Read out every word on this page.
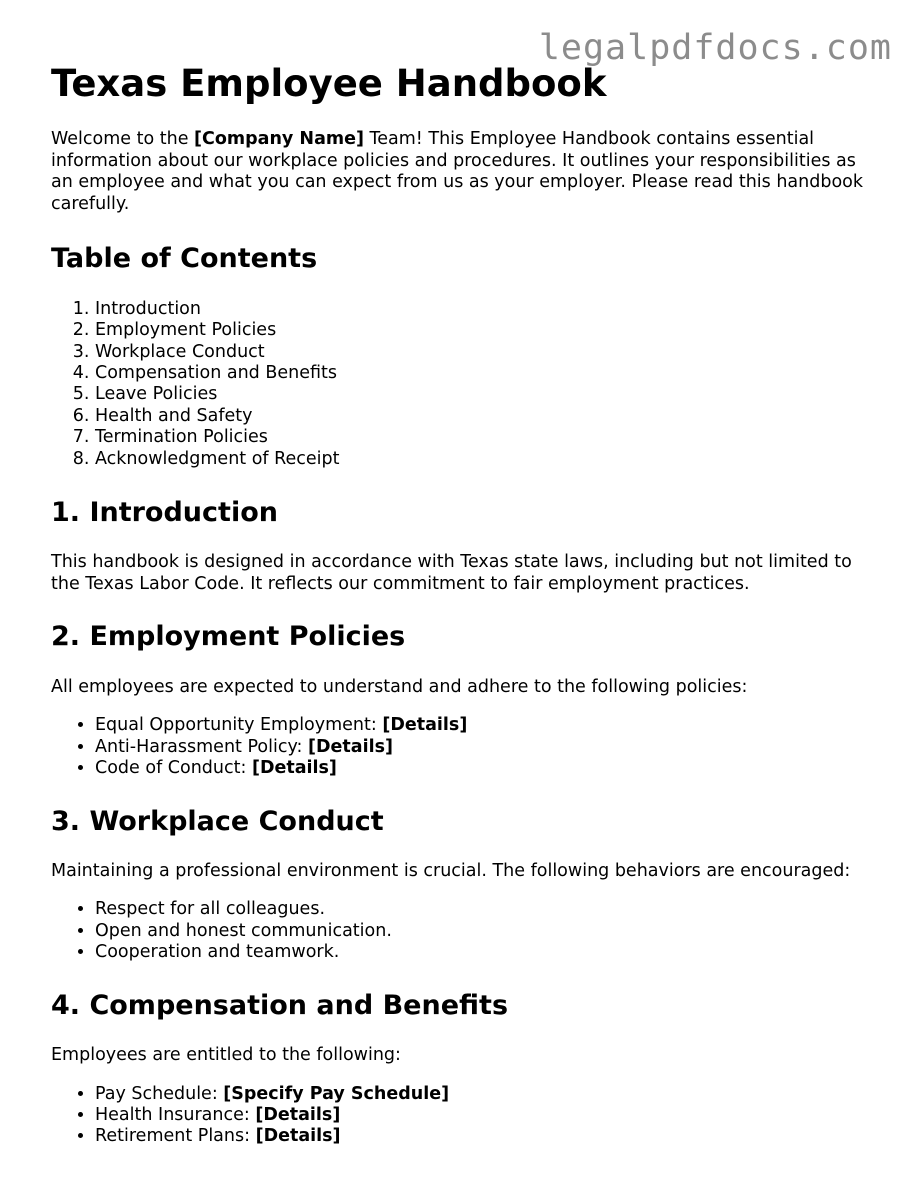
legalpdfdocs.com
Texas Employee Handbook

Welcome to the [Company Name] Team! This Employee Handbook contains essential information about our workplace policies and procedures. It outlines your responsibilities as an employee and what you can expect from us as your employer. Please read this handbook carefully.

Table of Contents
1. Introduction
2. Employment Policies
3. Workplace Conduct
4. Compensation and Benefits
5. Leave Policies
6. Health and Safety
7. Termination Policies
8. Acknowledgment of Receipt
1. Introduction

This handbook is designed in accordance with Texas state laws, including but not limited to the Texas Labor Code. It reflects our commitment to fair employment practices.

2. Employment Policies

All employees are expected to understand and adhere to the following policies:

• Equal Opportunity Employment: [Details]
• Anti-Harassment Policy: [Details]
• Code of Conduct: [Details]
3. Workplace Conduct

Maintaining a professional environment is crucial. The following behaviors are encouraged:

• Respect for all colleagues.
• Open and honest communication.
• Cooperation and teamwork.
4. Compensation and Benefits

Employees are entitled to the following:

• Pay Schedule: [Specify Pay Schedule]
• Health Insurance: [Details]
• Retirement Plans: [Details]
